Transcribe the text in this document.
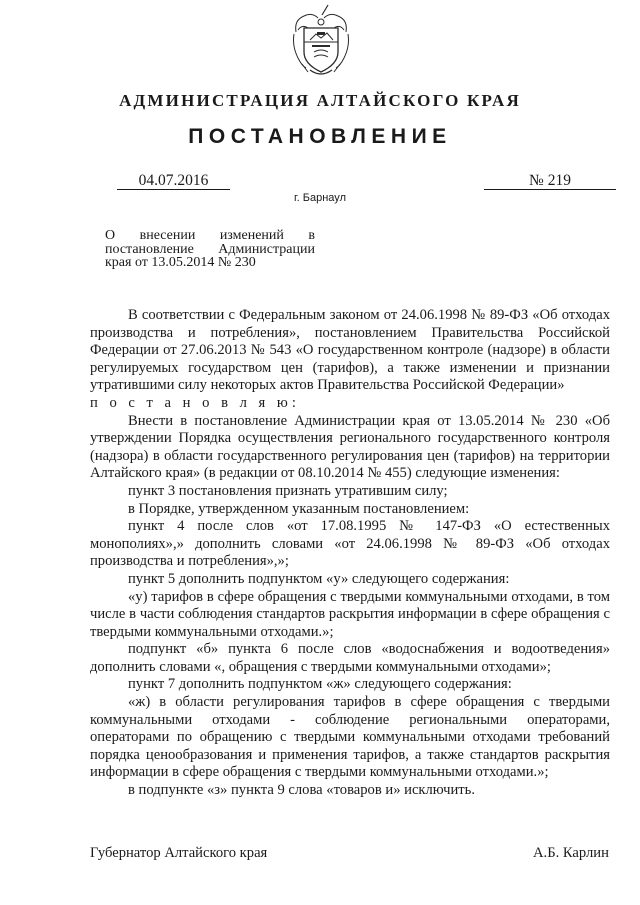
АДМИНИСТРАЦИЯ АЛТАЙСКОГО КРАЯ
ПОСТАНОВЛЕНИЕ
04.07.2016	№ 219
г. Барнаул
О внесении изменений в постановление Администрации края от 13.05.2014 № 230

В соответствии с Федеральным законом от 24.06.1998 № 89-ФЗ «Об отходах производства и потребления», постановлением Правительства Российской Федерации от 27.06.2013 № 543 «О государственном контроле (надзоре) в области регулируемых государством цен (тарифов), а также изменении и признании утратившими силу некоторых актов Правительства Российской Федерации»

п о с т а н о в л я ю:

Внести в постановление Администрации края от 13.05.2014 № 230 «Об утверждении Порядка осуществления регионального государственного контроля (надзора) в области государственного регулирования цен (тарифов) на территории Алтайского края» (в редакции от 08.10.2014 № 455) следующие изменения:

пункт 3 постановления признать утратившим силу;

в Порядке, утвержденном указанным постановлением:

пункт 4 после слов «от 17.08.1995 № 147-ФЗ «О естественных монополиях»,» дополнить словами «от 24.06.1998 № 89-ФЗ «Об отходах производства и потребления»,»;

пункт 5 дополнить подпунктом «у» следующего содержания:

«у) тарифов в сфере обращения с твердыми коммунальными отходами, в том числе в части соблюдения стандартов раскрытия информации в сфере обращения с твердыми коммунальными отходами.»;

подпункт «б» пункта 6 после слов «водоснабжения и водоотведения» дополнить словами «, обращения с твердыми коммунальными отходами»;

пункт 7 дополнить подпунктом «ж» следующего содержания:

«ж) в области регулирования тарифов в сфере обращения с твердыми коммунальными отходами - соблюдение региональными операторами, операторами по обращению с твердыми коммунальными отходами требований порядка ценообразования и применения тарифов, а также стандартов раскрытия информации в сфере обращения с твердыми коммунальными отходами.»;

в подпункте «з» пункта 9 слова «товаров и» исключить.

Губернатор Алтайского края	А.Б. Карлин
